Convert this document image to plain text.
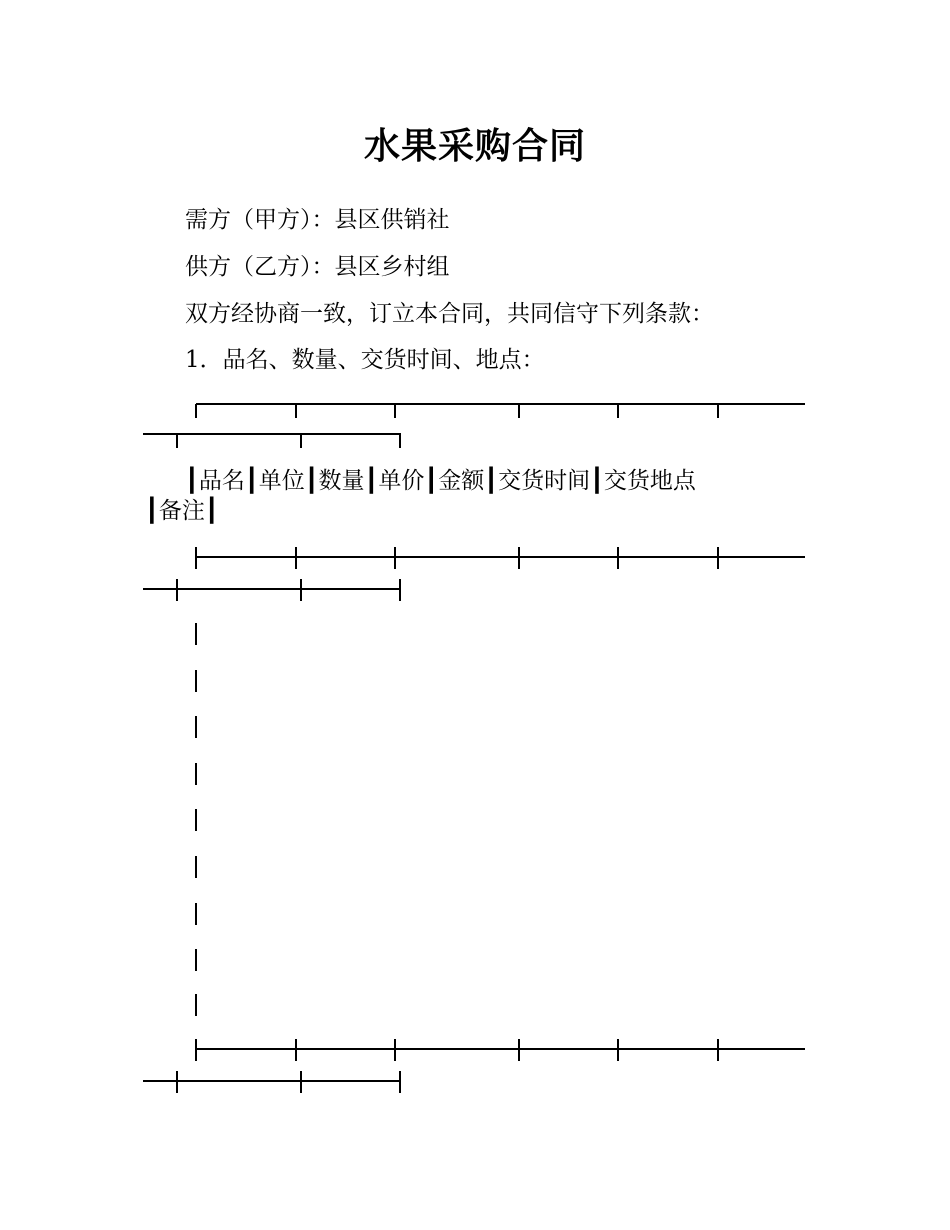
水果采购合同
需方（甲方）：县区供销社
供方（乙方）：县区乡村组
双方经协商一致，订立本合同，共同信守下列条款：
1．品名、数量、交货时间、地点：
┃品名┃单位┃数量┃单价┃金额┃交货时间┃交货地点
┃备注┃
